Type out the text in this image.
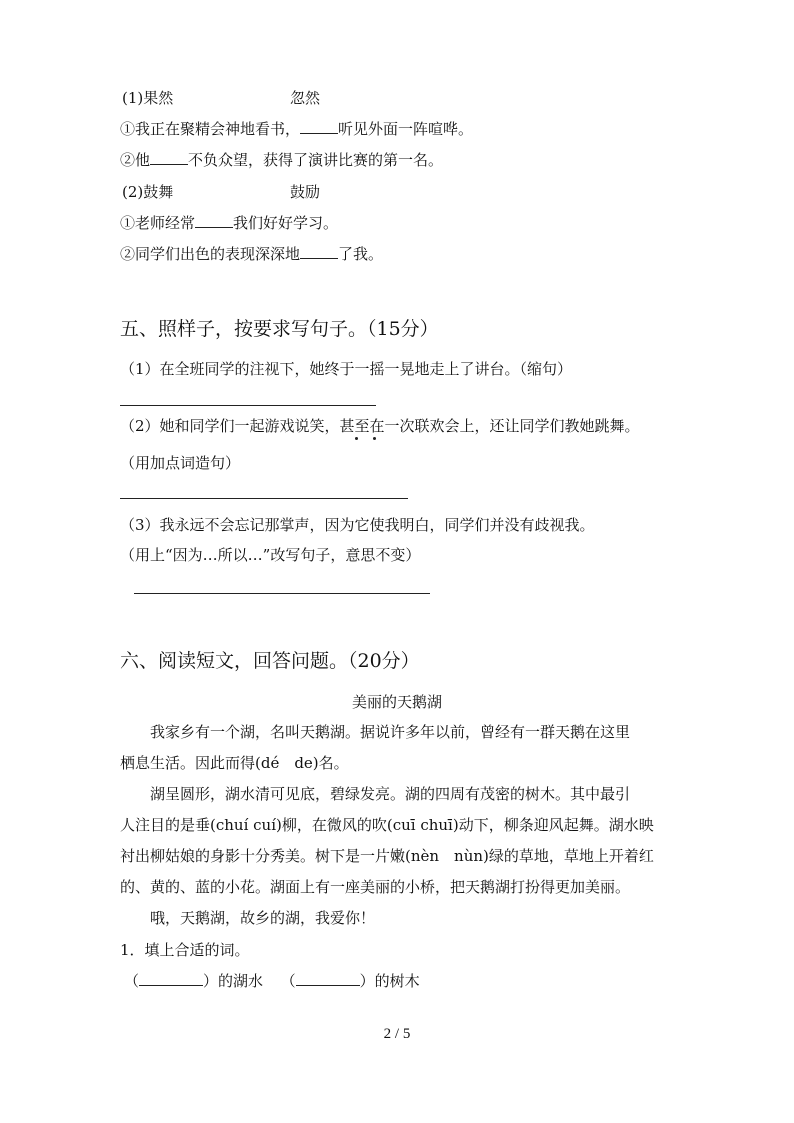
(1)果然	忽然
①我正在聚精会神地看书，	听见外面一阵喧哗。
②他	不负众望，获得了演讲比赛的第一名。
(2)鼓舞	鼓励
①老师经常	我们好好学习。
②同学们出色的表现深深地	了我。
五、照样子，按要求写句子。（15分）
（1）在全班同学的注视下，她终于一摇一晃地走上了讲台。（缩句）
（2）她和同学们一起游戏说笑，甚至在一次联欢会上，还让同学们教她跳舞。
（用加点词造句）
（3）我永远不会忘记那掌声，因为它使我明白，同学们并没有歧视我。
（用上“因为…所以…”改写句子，意思不变）
六、阅读短文，回答问题。（20分）
美丽的天鹅湖
我家乡有一个湖，名叫天鹅湖。据说许多年以前，曾经有一群天鹅在这里
栖息生活。因此而得(dé　de)名。
湖呈圆形，湖水清可见底，碧绿发亮。湖的四周有茂密的树木。其中最引
人注目的是垂(chuí cuí)柳，在微风的吹(cuī chuī)动下，柳条迎风起舞。湖水映
衬出柳姑娘的身影十分秀美。树下是一片嫩(nèn　nùn)绿的草地，草地上开着红
的、黄的、蓝的小花。湖面上有一座美丽的小桥，把天鹅湖打扮得更加美丽。
哦，天鹅湖，故乡的湖，我爱你！
1．填上合适的词。
（	）的湖水 （	）的树木
2 / 5
